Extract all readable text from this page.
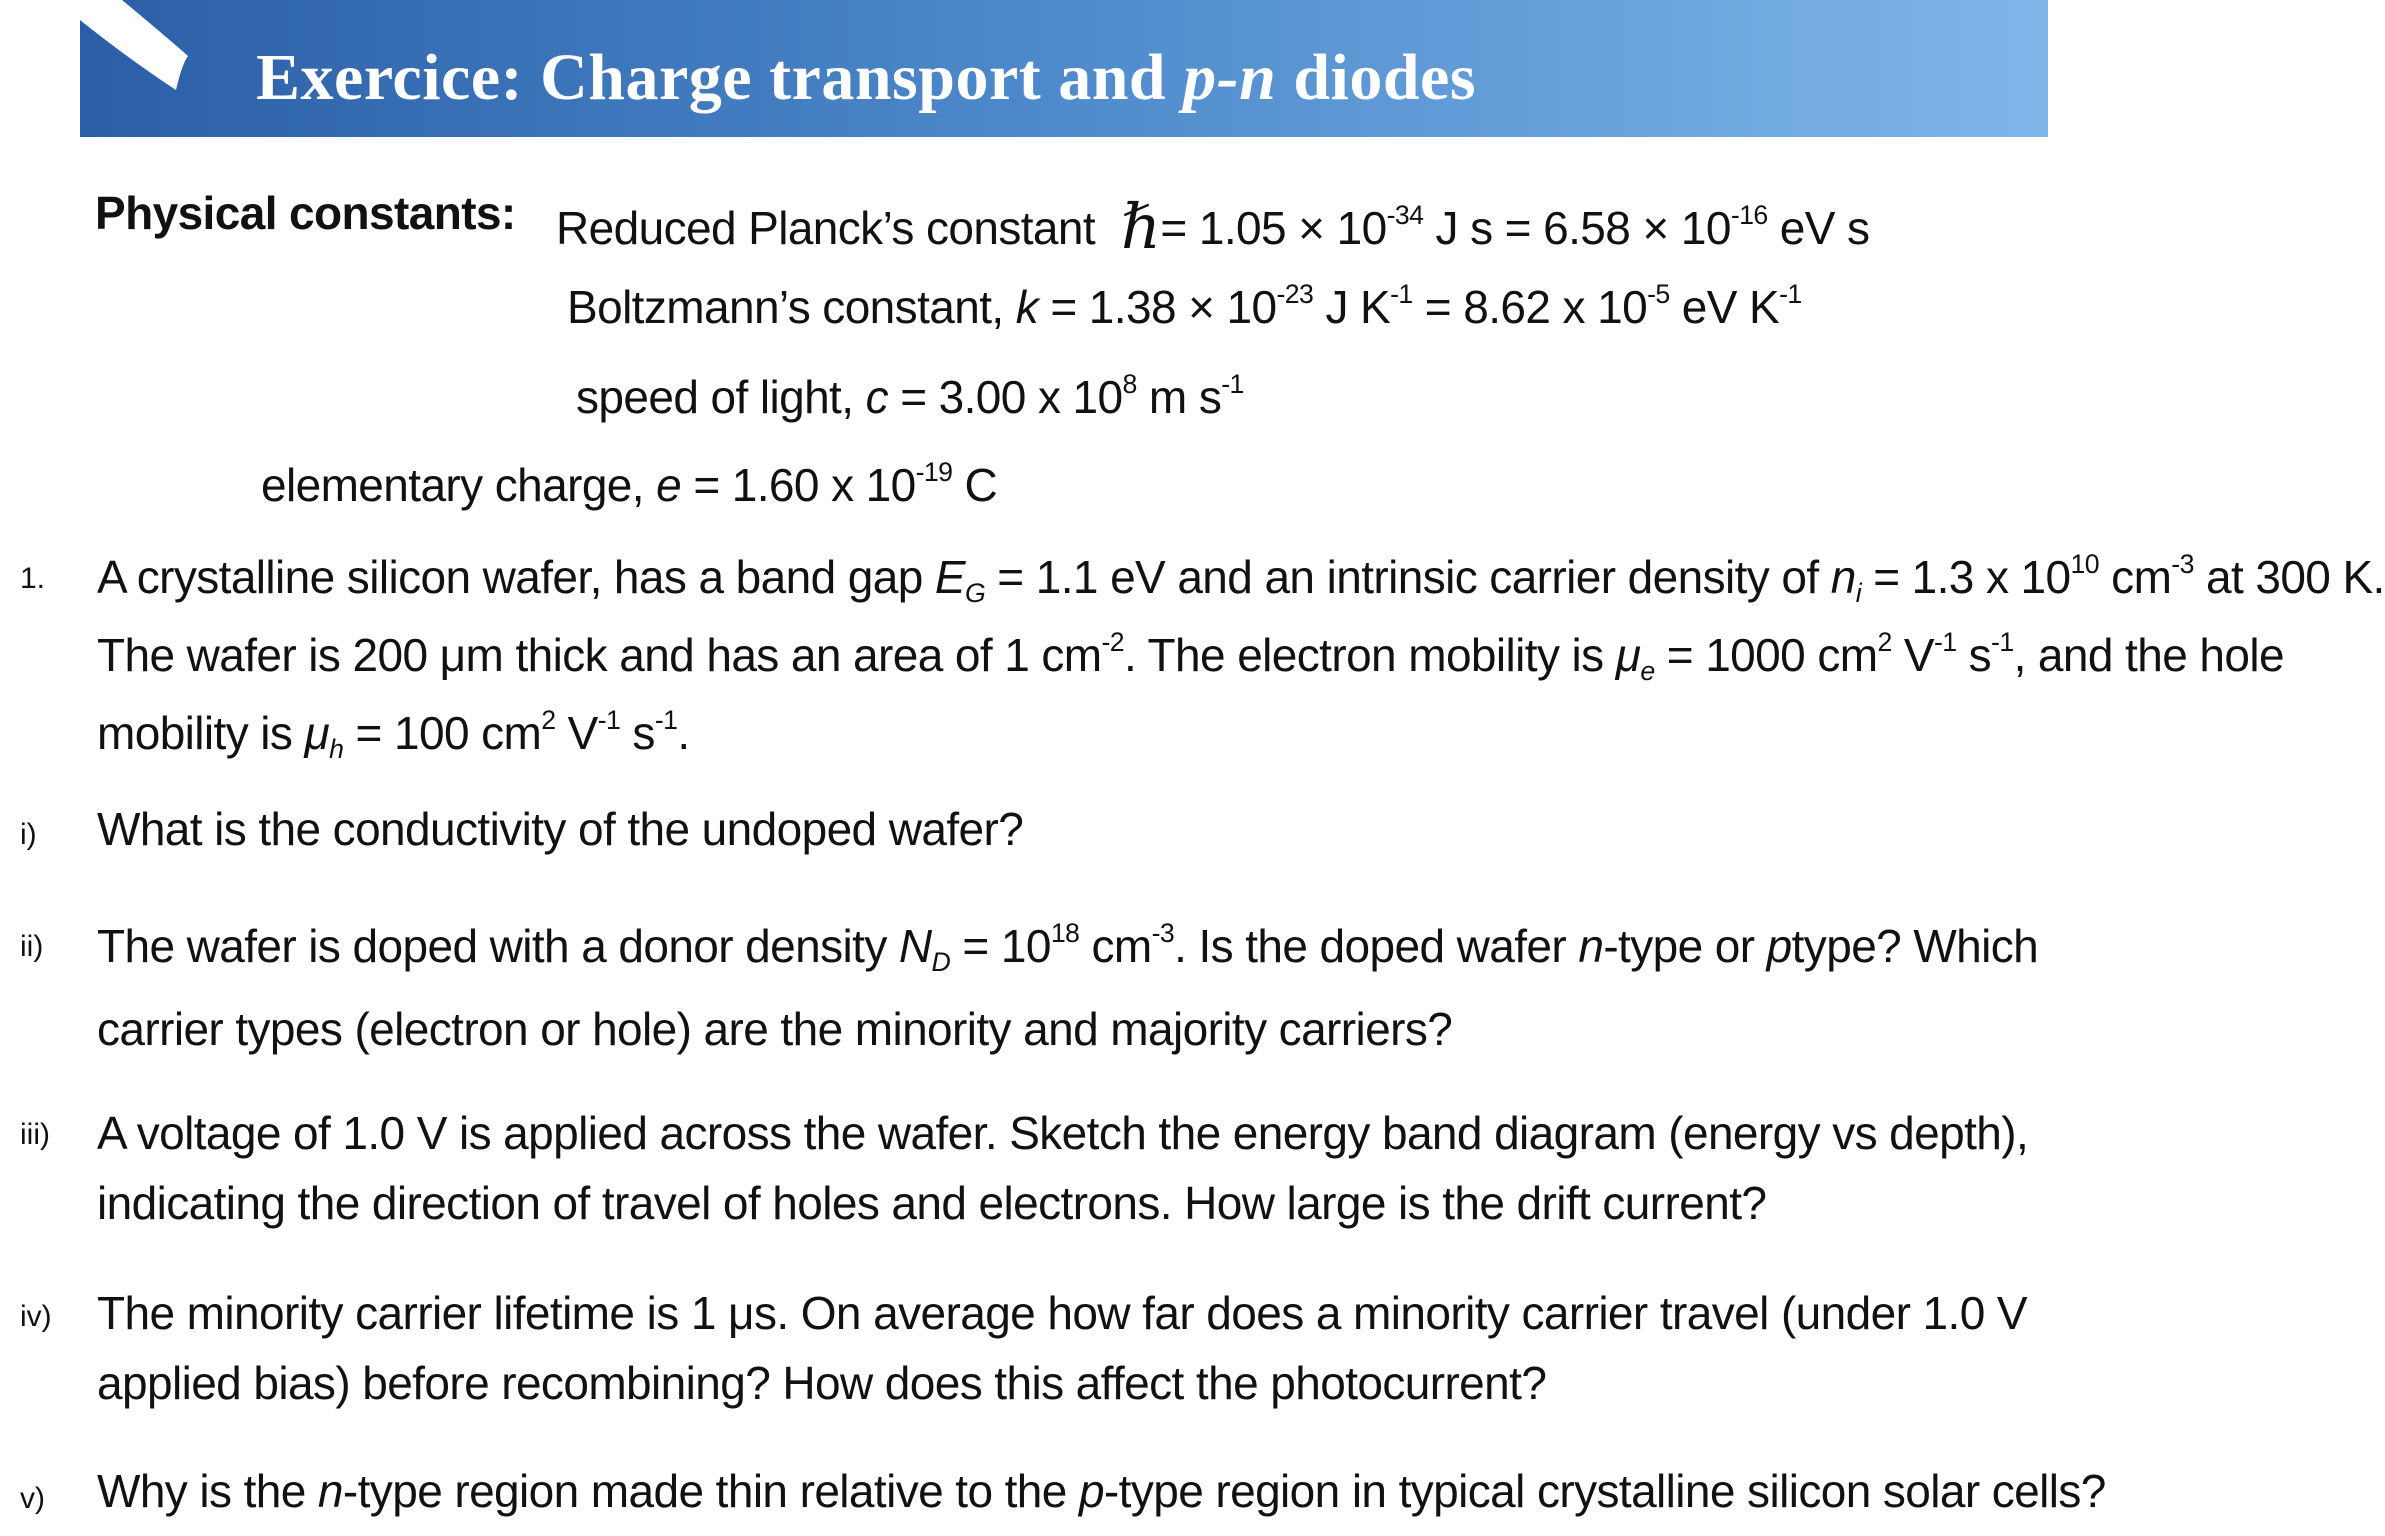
Exercice: Charge transport and p-n diodes
Physical constants: Reduced Planck’s constant ℏ= $1.05 \times 10^{-34}$ J $s = 6.58 \times 10^{-16}$ eV s
Boltzmann’s constant, $k = 1.38 \times 10^{-23}$ J $K^{-1} = 8.62$ x $10^{-5}$ eV $K^{-1}$
speed of light, c = 3.00 x $10^8$ m $s^{-1}$
elementary charge, e = 1.60 x $10^{-19}$ C
1. A crystalline silicon wafer, has a band gap $E_G = 1.1$ eV and an intrinsic carrier density of $n_i = 1.3$ x $10^{10}$ $cm^{-3}$ at 300 K.
The wafer is 200 μm thick and has an area of 1 $cm^{-2}$. The electron mobility is $\mu_e = 1000$ $cm^2$ $V^{-1}$ $s^{-1}$, and the hole
mobility is $\mu_h = 100$ $cm^2$ $V^{-1}$ $s^{-1}$.
i) What is the conductivity of the undoped wafer?
ii) The wafer is doped with a donor density $N_D = 10^{18}$ $cm^{-3}$. Is the doped wafer n-type or ptype? Which
carrier types (electron or hole) are the minority and majority carriers?
iii) A voltage of 1.0 V is applied across the wafer. Sketch the energy band diagram (energy vs depth),
indicating the direction of travel of holes and electrons. How large is the drift current?
iv) The minority carrier lifetime is 1 μs. On average how far does a minority carrier travel (under 1.0 V
applied bias) before recombining? How does this affect the photocurrent?
v) Why is the n-type region made thin relative to the p-type region in typical crystalline silicon solar cells?
